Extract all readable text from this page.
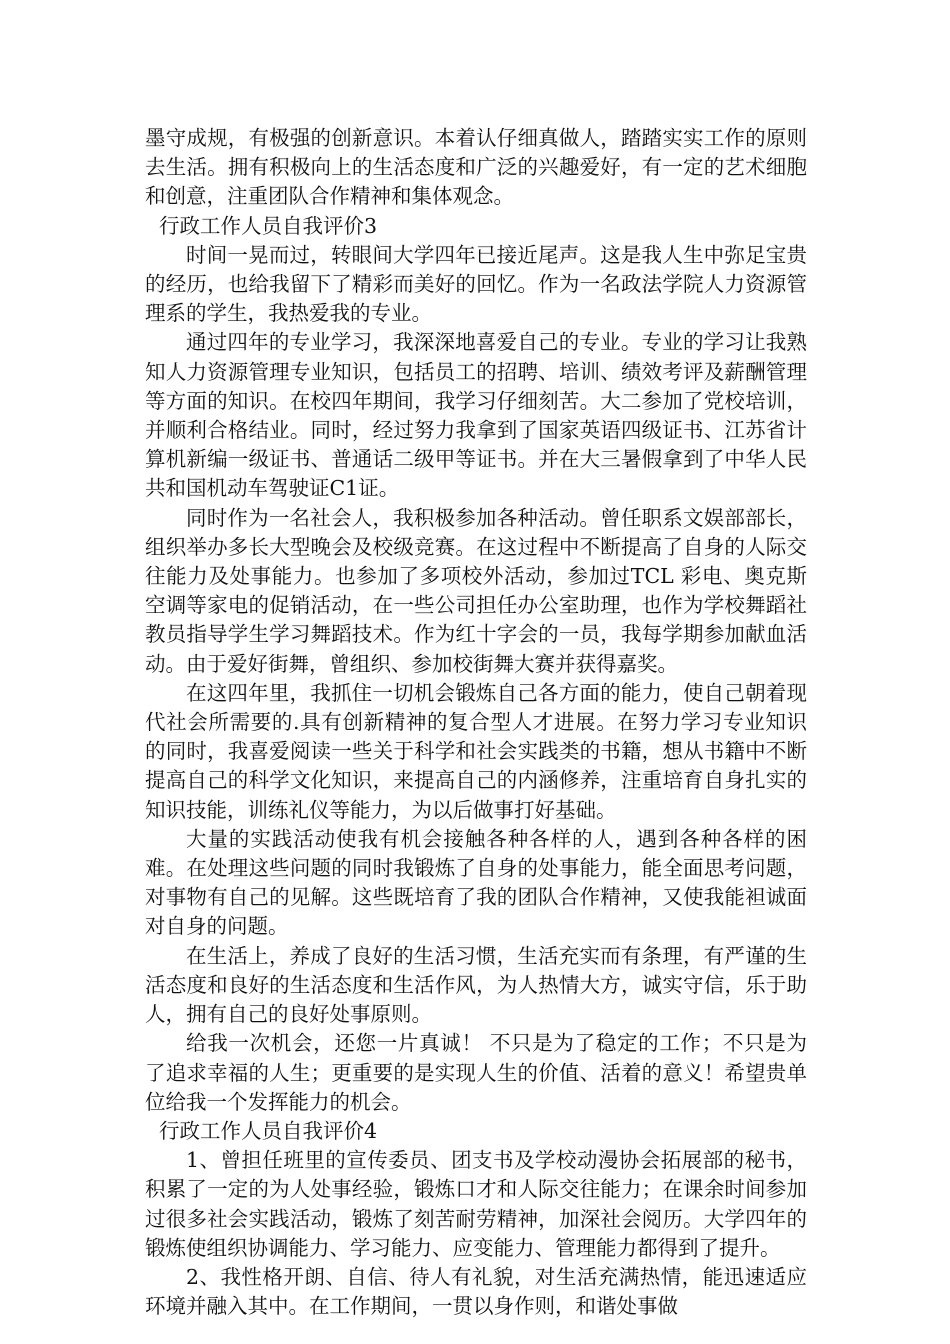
墨守成规，有极强的创新意识。本着认仔细真做人，踏踏实实工作的原则去生活。拥有积极向上的生活态度和广泛的兴趣爱好，有一定的艺术细胞和创意，注重团队合作精神和集体观念。

行政工作人员自我评价3

时间一晃而过，转眼间大学四年已接近尾声。这是我人生中弥足宝贵的经历，也给我留下了精彩而美好的回忆。作为一名政法学院人力资源管理系的学生，我热爱我的专业。

通过四年的专业学习，我深深地喜爱自己的专业。专业的学习让我熟知人力资源管理专业知识，包括员工的招聘、培训、绩效考评及薪酬管理等方面的知识。在校四年期间，我学习仔细刻苦。大二参加了党校培训，并顺利合格结业。同时，经过努力我拿到了国家英语四级证书、江苏省计算机新编一级证书、普通话二级甲等证书。并在大三暑假拿到了中华人民共和国机动车驾驶证C1证。

同时作为一名社会人，我积极参加各种活动。曾任职系文娱部部长，组织举办多长大型晚会及校级竞赛。在这过程中不断提高了自身的人际交往能力及处事能力。也参加了多项校外活动，参加过TCL 彩电、奥克斯空调等家电的促销活动，在一些公司担任办公室助理，也作为学校舞蹈社教员指导学生学习舞蹈技术。作为红十字会的一员，我每学期参加献血活动。由于爱好街舞，曾组织、参加校街舞大赛并获得嘉奖。

在这四年里，我抓住一切机会锻炼自己各方面的能力，使自己朝着现代社会所需要的.具有创新精神的复合型人才进展。在努力学习专业知识的同时，我喜爱阅读一些关于科学和社会实践类的书籍，想从书籍中不断提高自己的科学文化知识，来提高自己的内涵修养，注重培育自身扎实的知识技能，训练礼仪等能力，为以后做事打好基础。

大量的实践活动使我有机会接触各种各样的人，遇到各种各样的困难。在处理这些问题的同时我锻炼了自身的处事能力，能全面思考问题，对事物有自己的见解。这些既培育了我的团队合作精神，又使我能袒诚面对自身的问题。

在生活上，养成了良好的生活习惯，生活充实而有条理，有严谨的生活态度和良好的生活态度和生活作风，为人热情大方，诚实守信，乐于助人，拥有自己的良好处事原则。

给我一次机会，还您一片真诚！ 不只是为了稳定的工作；不只是为了追求幸福的人生；更重要的是实现人生的价值、活着的意义！希望贵单位给我一个发挥能力的机会。

行政工作人员自我评价4

1、曾担任班里的宣传委员、团支书及学校动漫协会拓展部的秘书，积累了一定的为人处事经验，锻炼口才和人际交往能力；在课余时间参加过很多社会实践活动，锻炼了刻苦耐劳精神，加深社会阅历。大学四年的锻炼使组织协调能力、学习能力、应变能力、管理能力都得到了提升。

2、我性格开朗、自信、待人有礼貌，对生活充满热情，能迅速适应环境并融入其中。在工作期间，一贯以身作则，和谐处事做
